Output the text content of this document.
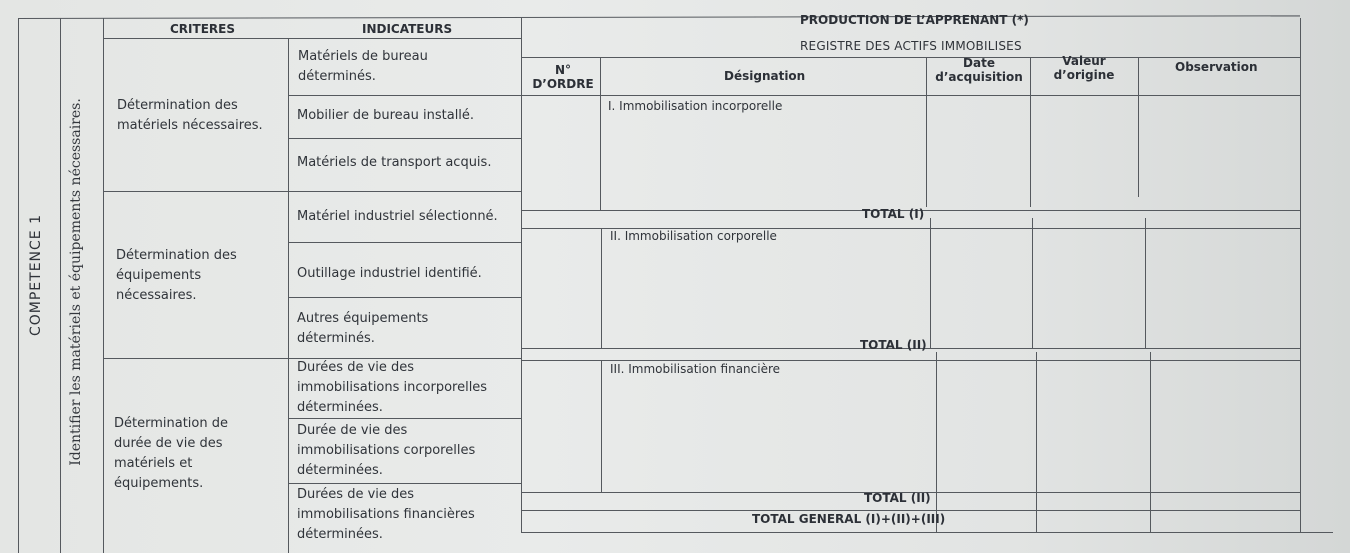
CRITERES	INDICATEURS
COMPETENCE 1 Identifier les matériels et équipements nécessaires.	Détermination des
matériels nécessaires.
Détermination des
équipements
nécessaires.
Détermination de
durée de vie des
matériels et
équipements.
Matériels de bureau
déterminés.
Mobilier de bureau installé.
Matériels de transport acquis.
Matériel industriel sélectionné.
Outillage industriel identifié.
Autres équipements
déterminés.
Durées de vie des
immobilisations incorporelles
déterminées.
Durée de vie des
immobilisations corporelles
déterminées.
Durées de vie des
immobilisations financières
déterminées.
PRODUCTION DE L’APPRENANT (*)
REGISTRE DES ACTIFS IMMOBILISES
N°
D’ORDRE
Désignation
Date
d’acquisition
Valeur
d’origine
Observation
I. Immobilisation incorporelle
TOTAL (I)
II. Immobilisation corporelle
TOTAL (II)
III. Immobilisation financière
TOTAL (II)
TOTAL GENERAL (I)+(II)+(III)
